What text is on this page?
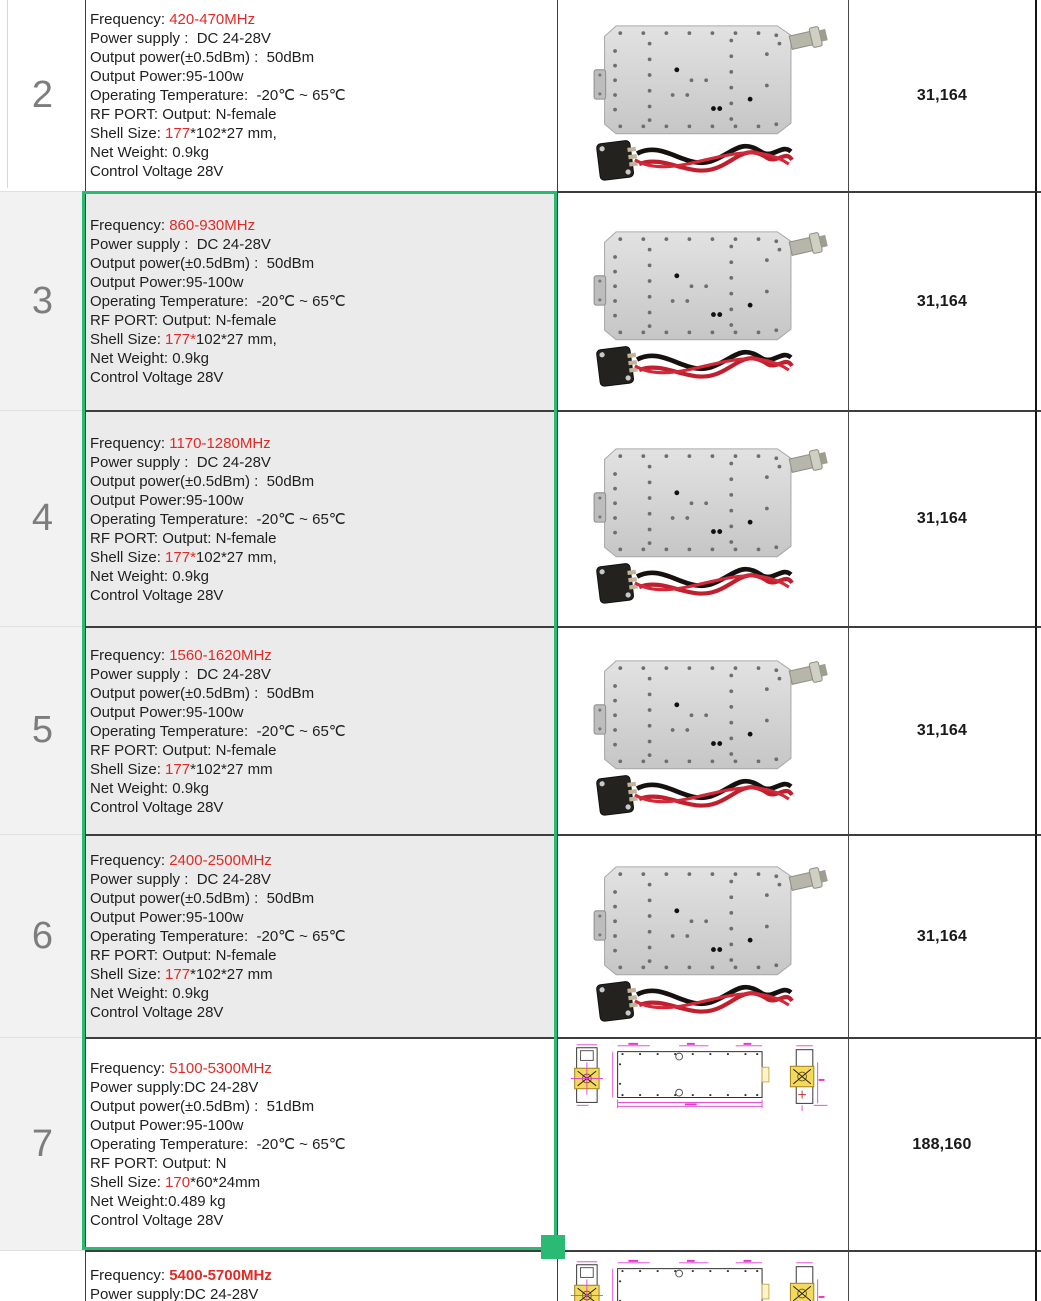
2
Frequency: 420-470MHz
Power supply :  DC 24-28V
Output power(±0.5dBm) :  50dBm
Output Power:95-100w
Operating Temperature:  -20℃ ~ 65℃
RF PORT: Output: N-female
Shell Size: 177*102*27 mm,
Net Weight: 0.9kg
Control Voltage 28V
31,164
3
Frequency: 860-930MHz
Power supply :  DC 24-28V
Output power(±0.5dBm) :  50dBm
Output Power:95-100w
Operating Temperature:  -20℃ ~ 65℃
RF PORT: Output: N-female
Shell Size: 177*102*27 mm,
Net Weight: 0.9kg
Control Voltage 28V
31,164
4
Frequency: 1170-1280MHz
Power supply :  DC 24-28V
Output power(±0.5dBm) :  50dBm
Output Power:95-100w
Operating Temperature:  -20℃ ~ 65℃
RF PORT: Output: N-female
Shell Size: 177*102*27 mm,
Net Weight: 0.9kg
Control Voltage 28V
31,164
5
Frequency: 1560-1620MHz
Power supply :  DC 24-28V
Output power(±0.5dBm) :  50dBm
Output Power:95-100w
Operating Temperature:  -20℃ ~ 65℃
RF PORT: Output: N-female
Shell Size: 177*102*27 mm
Net Weight: 0.9kg
Control Voltage 28V
31,164
6
Frequency: 2400-2500MHz
Power supply :  DC 24-28V
Output power(±0.5dBm) :  50dBm
Output Power:95-100w
Operating Temperature:  -20℃ ~ 65℃
RF PORT: Output: N-female
Shell Size: 177*102*27 mm
Net Weight: 0.9kg
Control Voltage 28V
31,164
7
Frequency: 5100-5300MHz
Power supply:DC 24-28V
Output power(±0.5dBm) :  51dBm
Output Power:95-100w
Operating Temperature:  -20℃ ~ 65℃
RF PORT: Output: N
Shell Size: 170*60*24mm
Net Weight:0.489 kg
Control Voltage 28V
188,160
Frequency: 5400-5700MHz
Power supply:DC 24-28V
